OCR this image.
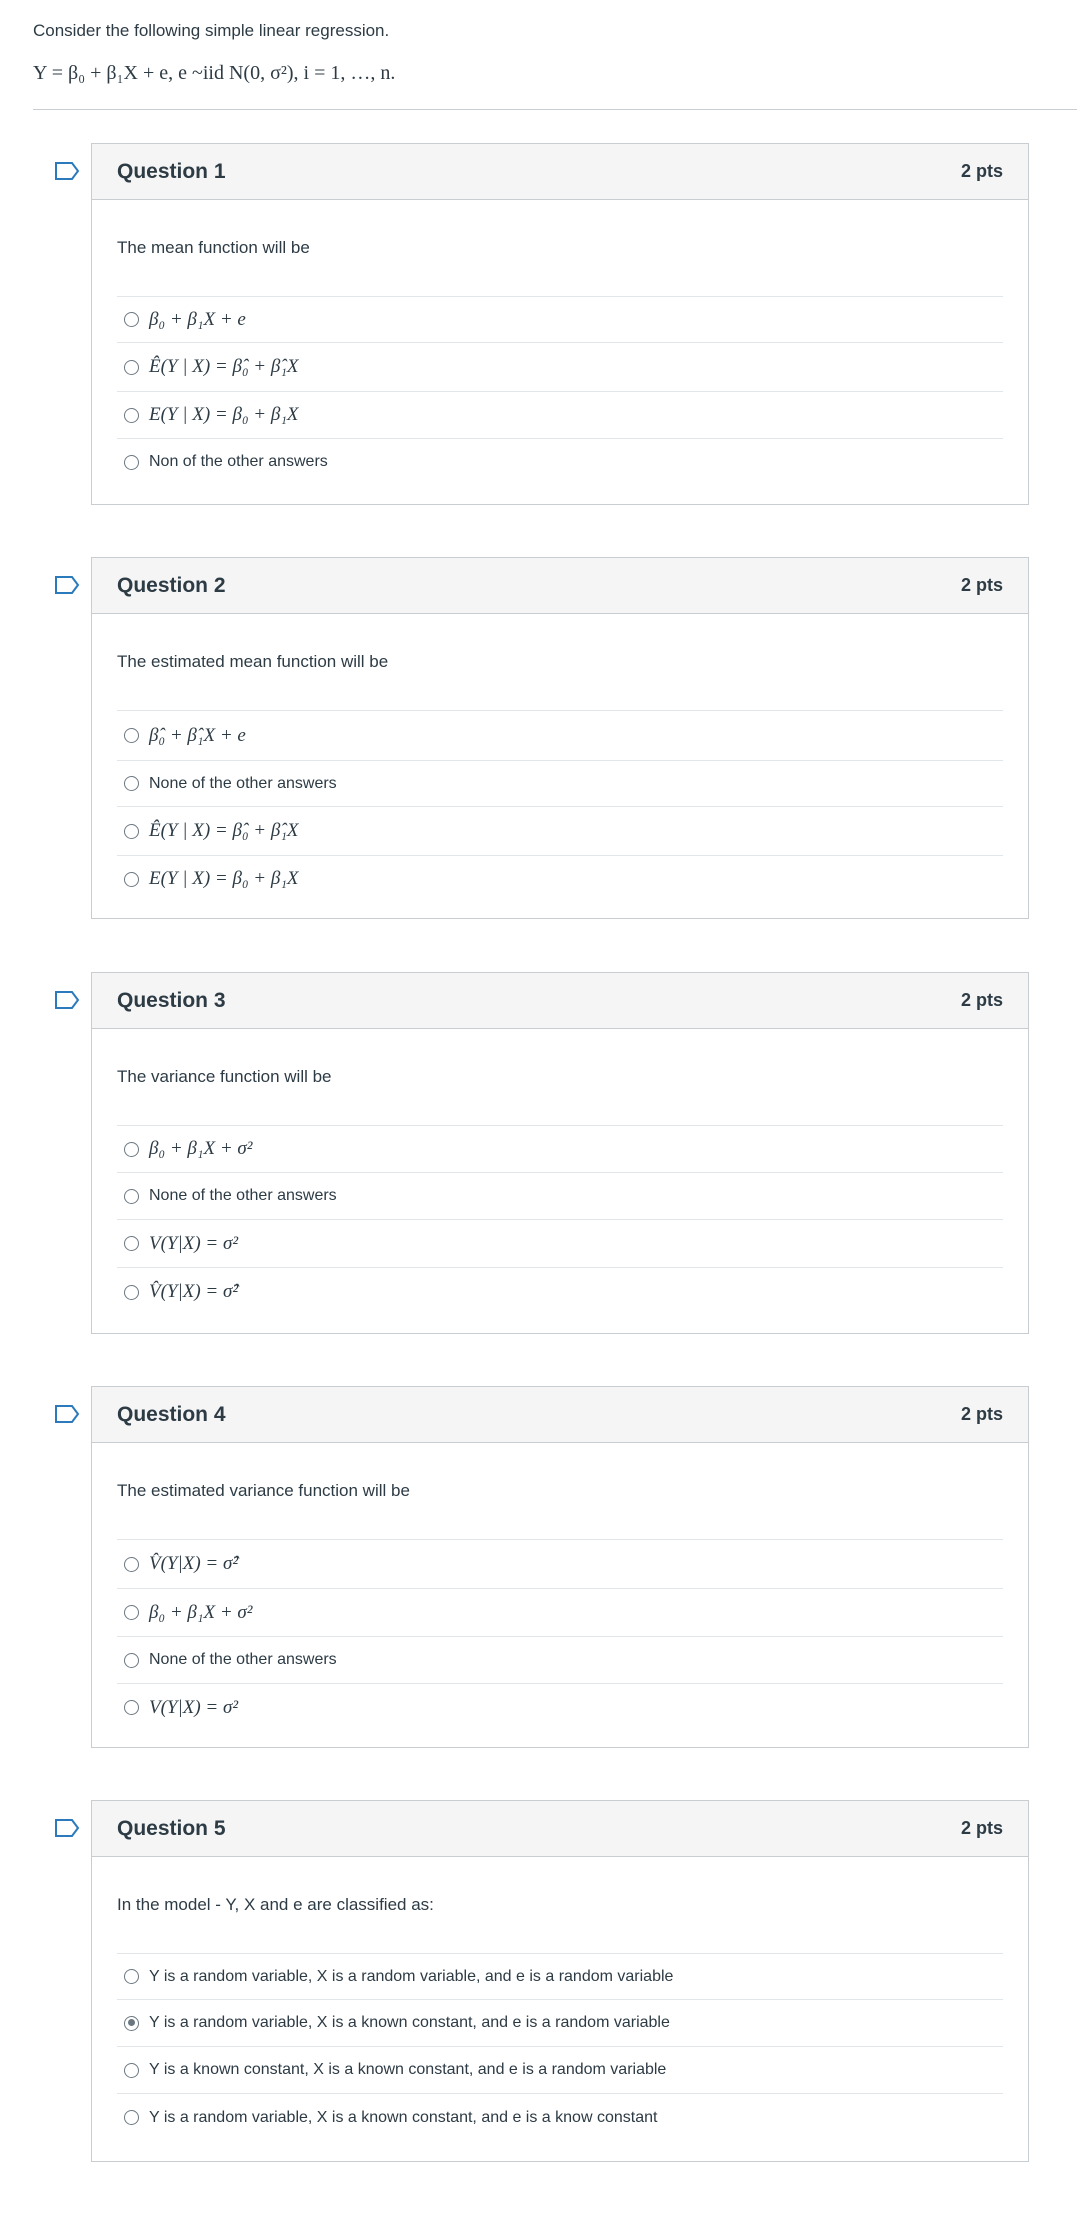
Consider the following simple linear regression.
Y = β₀ + β₁X + e, e ~iid N(0, σ²), i = 1, …, n.
Question 1	2 pts
The mean function will be
β₀ + β₁X + e
Ê(Y | X) = β̂₀ + β̂₁X
E(Y | X) = β₀ + β₁X
Non of the other answers
Question 2	2 pts
The estimated mean function will be
β̂₀ + β̂₁X + e
None of the other answers
Ê(Y | X) = β̂₀ + β̂₁X
E(Y | X) = β₀ + β₁X
Question 3	2 pts
The variance function will be
β₀ + β₁X + σ²
None of the other answers
V(Y|X) = σ²
V̂(Y|X) = σ̂²
Question 4	2 pts
The estimated variance function will be
V̂(Y|X) = σ̂²
β₀ + β₁X + σ²
None of the other answers
V(Y|X) = σ²
Question 5	2 pts
In the model - Y, X and e are classified as:
Y is a random variable, X is a random variable, and e is a random variable
Y is a random variable, X is a known constant, and e is a random variable
Y is a known constant, X is a known constant, and e is a random variable
Y is a random variable, X is a known constant, and e is a know constant
